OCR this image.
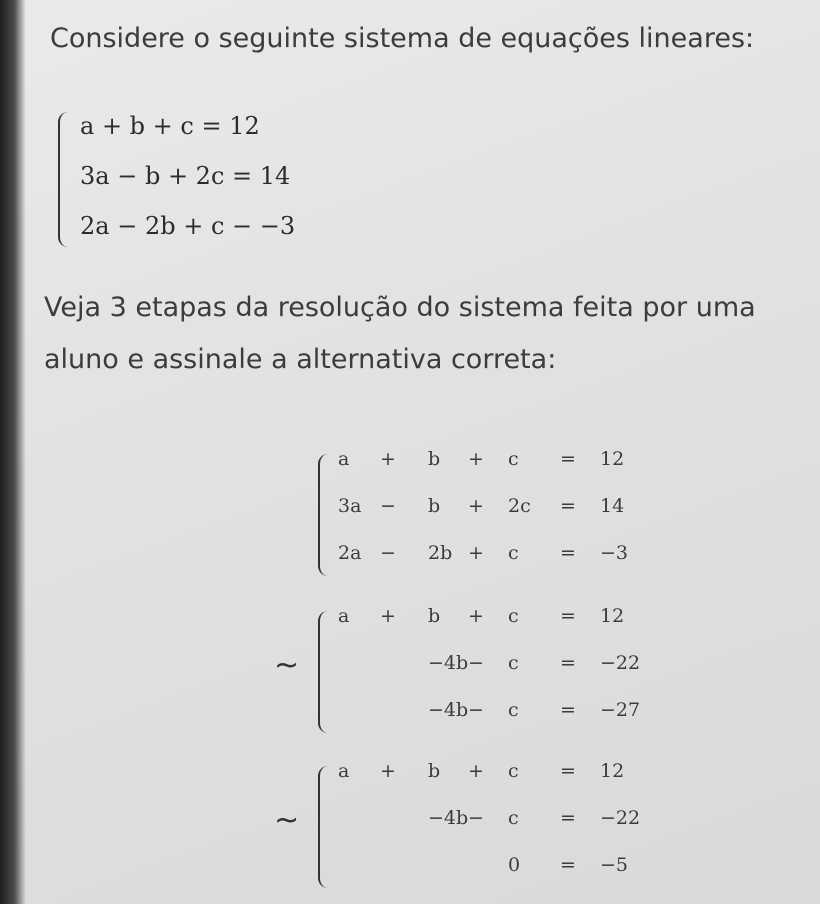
Considere o seguinte sistema de equações lineares:
a + b + c = 12
3a − b + 2c = 14
2a − 2b + c − −3
Veja 3 etapas da resolução do sistema feita por uma
aluno e assinale a alternativa correta:
a + b + c = 12
3a − b + 2c = 14
2a − 2b + c = −3
~
a + b + c = 12
−4b − c = −22
−4b − c = −27
~
a + b + c = 12
−4b − c = −22
0 = −5
